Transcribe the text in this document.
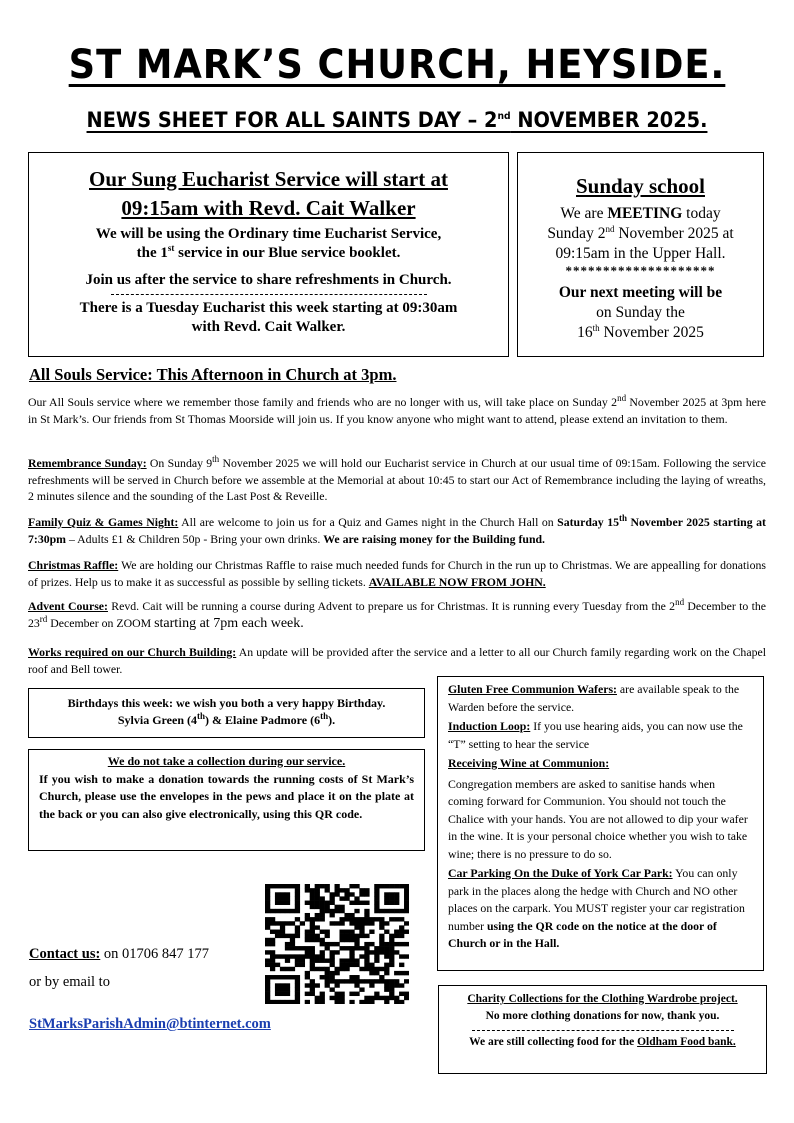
ST MARK’S CHURCH, HEYSIDE.
NEWS SHEET FOR ALL SAINTS DAY – 2nd NOVEMBER 2025.
Our Sung Eucharist Service will start at
09:15am with Revd. Cait Walker
We will be using the Ordinary time Eucharist Service,
the 1st service in our Blue service booklet.
Join us after the service to share refreshments in Church.
There is a Tuesday Eucharist this week starting at 09:30am
with Revd. Cait Walker.
Sunday school
We are MEETING today
Sunday 2nd November 2025 at
09:15am in the Upper Hall.
********************
Our next meeting will be
on Sunday the
16th November 2025
All Souls Service: This Afternoon in Church at 3pm.
Our All Souls service where we remember those family and friends who are no longer with us, will take place on Sunday 2nd November 2025 at 3pm here in St Mark’s. Our friends from St Thomas Moorside will join us. If you know anyone who might want to attend, please extend an invitation to them.
Remembrance Sunday: On Sunday 9th November 2025 we will hold our Eucharist service in Church at our usual time of 09:15am. Following the service refreshments will be served in Church before we assemble at the Memorial at about 10:45 to start our Act of Remembrance including the laying of wreaths, 2 minutes silence and the sounding of the Last Post & Reveille.
Family Quiz & Games Night: All are welcome to join us for a Quiz and Games night in the Church Hall on Saturday 15th November 2025 starting at 7:30pm – Adults £1 & Children 50p - Bring your own drinks. We are raising money for the Building fund.
Christmas Raffle: We are holding our Christmas Raffle to raise much needed funds for Church in the run up to Christmas. We are appealling for donations of prizes. Help us to make it as successful as possible by selling tickets. AVAILABLE NOW FROM JOHN.
Advent Course: Revd. Cait will be running a course during Advent to prepare us for Christmas. It is running every Tuesday from the 2nd December to the 23rd December on ZOOM starting at 7pm each week.
Works required on our Church Building: An update will be provided after the service and a letter to all our Church family regarding work on the Chapel roof and Bell tower.
Birthdays this week: we wish you both a very happy Birthday.
Sylvia Green (4th) & Elaine Padmore (6th).
We do not take a collection during our service.
If you wish to make a donation towards the running costs of St Mark’s Church, please use the envelopes in the pews and place it on the plate at the back or you can also give electronically, using this QR code.

Gluten Free Communion Wafers: are available speak to the Warden before the service.

Induction Loop: If you use hearing aids, you can now use the “T” setting to hear the service

Receiving Wine at Communion:

Congregation members are asked to sanitise hands when coming forward for Communion. You should not touch the Chalice with your hands. You are not allowed to dip your wafer in the wine. It is your personal choice whether you wish to take wine; there is no pressure to do so.

Car Parking On the Duke of York Car Park: You can only park in the places along the hedge with Church and NO other places on the carpark. You MUST register your car registration number using the QR code on the notice at the door of Church or in the Hall.

Contact us: on 01706 847 177
or by email to
StMarksParishAdmin@btinternet.com
Charity Collections for the Clothing Wardrobe project.
No more clothing donations for now, thank you.
We are still collecting food for the Oldham Food bank.
